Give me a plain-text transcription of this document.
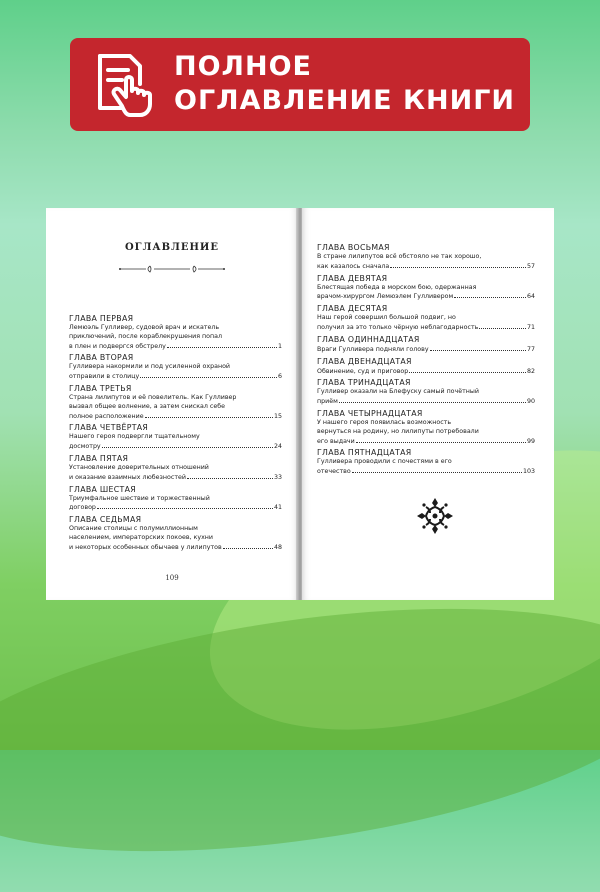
ПОЛНОЕ
ОГЛАВЛЕНИЕ КНИГИ
ОГЛАВЛЕНИЕ
ГЛАВА ПЕРВАЯ
Лемюэль Гулливер, судовой врач и искатель
приключений, после кораблекрушения попал
в плен и подвергся обстрелу	1
ГЛАВА ВТОРАЯ
Гулливера накормили и под усиленной охраной
отправили в столицу	6
ГЛАВА ТРЕТЬЯ
Страна лилипутов и её повелитель. Как Гулливер
вызвал общее волнение, а затем снискал себе
полное расположение	15
ГЛАВА ЧЕТВЁРТАЯ
Нашего героя подвергли тщательному
досмотру	24
ГЛАВА ПЯТАЯ
Установление доверительных отношений
и оказание взаимных любезностей	33
ГЛАВА ШЕСТАЯ
Триумфальное шествие и торжественный
договор	41
ГЛАВА СЕДЬМАЯ
Описание столицы с полумиллионным
населением, императорских покоев, кухни
и некоторых особенных обычаев у лилипутов	48
109
ГЛАВА ВОСЬМАЯ
В стране лилипутов всё обстояло не так хорошо,
как казалось сначала	57
ГЛАВА ДЕВЯТАЯ
Блестящая победа в морском бою, одержанная
врачом-хирургом Лемюэлем Гулливером	64
ГЛАВА ДЕСЯТАЯ
Наш герой совершил большой подвиг, но
получил за это только чёрную неблагодарность	71
ГЛАВА ОДИННАДЦАТАЯ
Враги Гулливера подняли голову	77
ГЛАВА ДВЕНАДЦАТАЯ
Обвинение, суд и приговор	82
ГЛАВА ТРИНАДЦАТАЯ
Гулливер оказали на Блефуску самый почётный
приём	90
ГЛАВА ЧЕТЫРНАДЦАТАЯ
У нашего героя появилась возможность
вернуться на родину, но лилипуты потребовали
его выдачи	99
ГЛАВА ПЯТНАДЦАТАЯ
Гулливера проводили с почестями в его
отечество	103
